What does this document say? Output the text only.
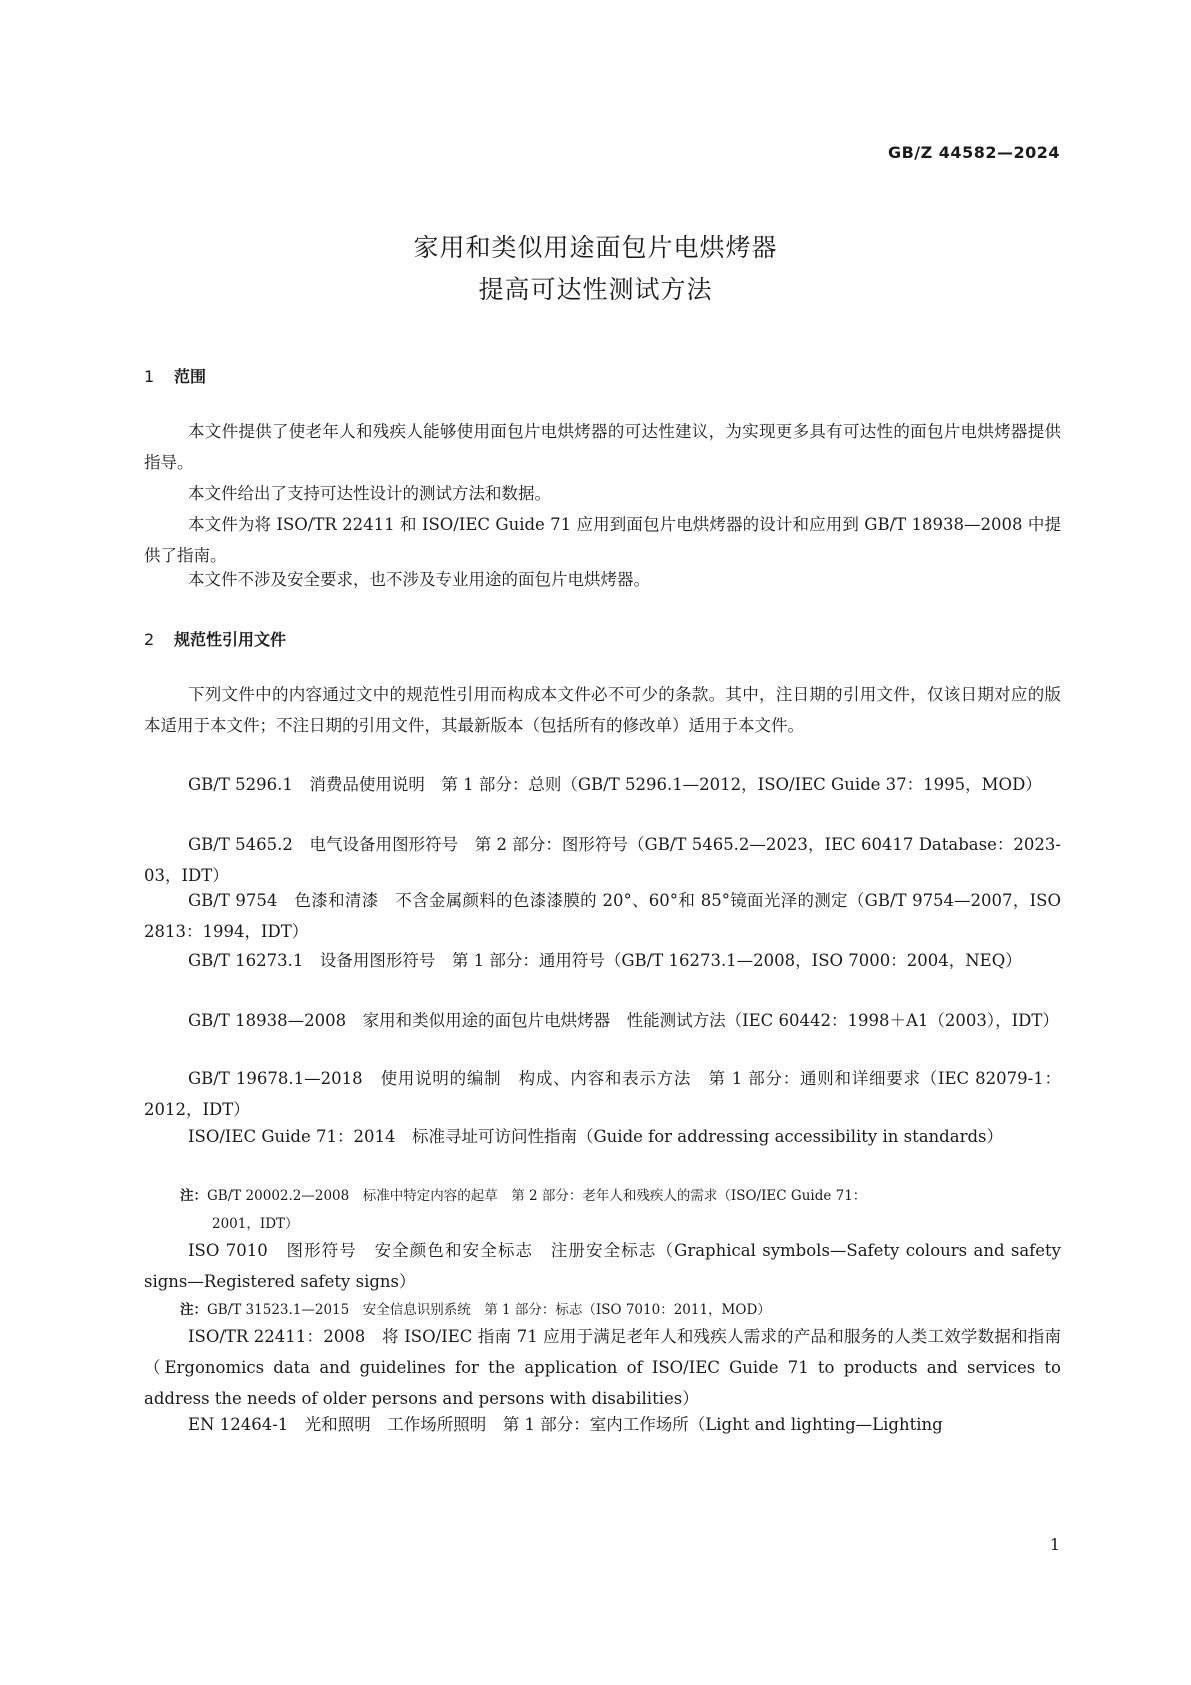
GB/Z 44582—2024
家用和类似用途面包片电烘烤器
提高可达性测试方法
1 范围
本文件提供了使老年人和残疾人能够使用面包片电烘烤器的可达性建议，为实现更多具有可达性的面包片电烘烤器提供指导。
本文件给出了支持可达性设计的测试方法和数据。
本文件为将 ISO/TR 22411 和 ISO/IEC Guide 71 应用到面包片电烘烤器的设计和应用到 GB/T 18938—2008 中提供了指南。
本文件不涉及安全要求，也不涉及专业用途的面包片电烘烤器。
2 规范性引用文件
下列文件中的内容通过文中的规范性引用而构成本文件必不可少的条款。其中，注日期的引用文件，仅该日期对应的版本适用于本文件；不注日期的引用文件，其最新版本（包括所有的修改单）适用于本文件。
GB/T 5296.1　消费品使用说明　第 1 部分：总则（GB/T 5296.1—2012，ISO/IEC Guide 37：1995，MOD）
GB/T 5465.2　电气设备用图形符号　第 2 部分：图形符号（GB/T 5465.2—2023，IEC 60417 Database：2023-03，IDT）
GB/T 9754　色漆和清漆　不含金属颜料的色漆漆膜的 20°、60°和 85°镜面光泽的测定（GB/T 9754—2007，ISO 2813：1994，IDT）
GB/T 16273.1　设备用图形符号　第 1 部分：通用符号（GB/T 16273.1—2008，ISO 7000：2004，NEQ）
GB/T 18938—2008　家用和类似用途的面包片电烘烤器　性能测试方法（IEC 60442：1998＋A1（2003），IDT）
GB/T 19678.1—2018　使用说明的编制　构成、内容和表示方法　第 1 部分：通则和详细要求（IEC 82079-1：2012，IDT）
ISO/IEC Guide 71：2014　标准寻址可访问性指南（Guide for addressing accessibility in standards）
注：GB/T 20002.2—2008　标准中特定内容的起草　第 2 部分：老年人和残疾人的需求（ISO/IEC Guide 71：
2001，IDT）
ISO 7010　图形符号　安全颜色和安全标志　注册安全标志（Graphical symbols—Safety colours and safety signs—Registered safety signs）
注：GB/T 31523.1—2015　安全信息识别系统　第 1 部分：标志（ISO 7010：2011，MOD）
ISO/TR 22411：2008　将 ISO/IEC 指南 71 应用于满足老年人和残疾人需求的产品和服务的人类工效学数据和指南（Ergonomics data and guidelines for the application of ISO/IEC Guide 71 to products and services to address the needs of older persons and persons with disabilities）
EN 12464-1　光和照明　工作场所照明　第 1 部分：室内工作场所（Light and lighting—Lighting
1
